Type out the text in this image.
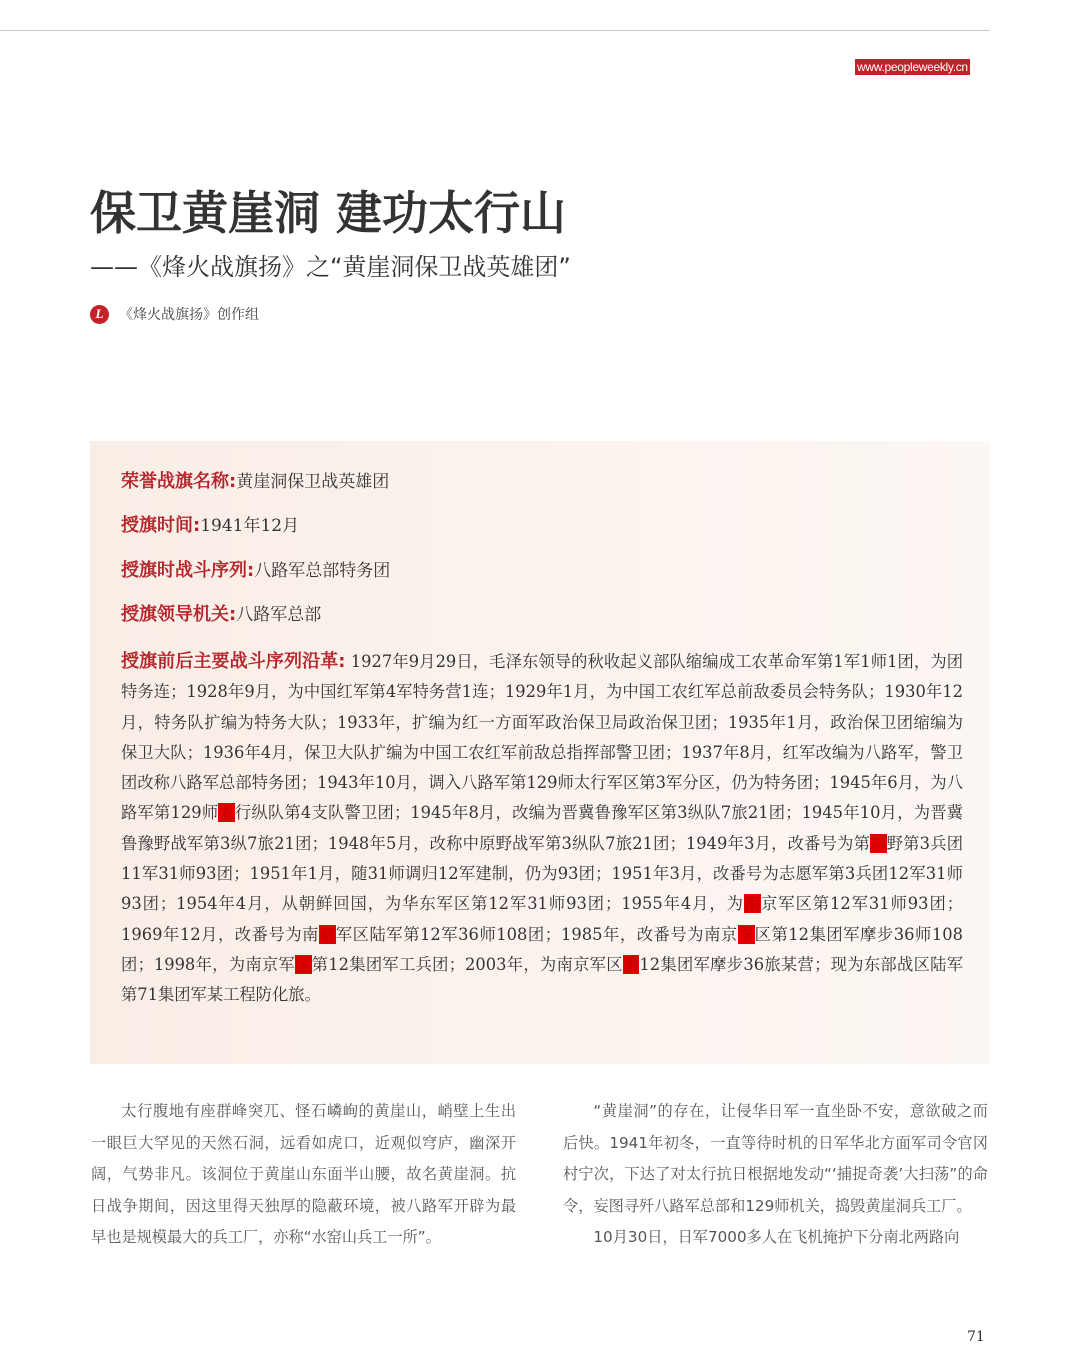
www.peopleweekly.cn
保卫黄崖洞 建功太行山
——《烽火战旗扬》之“黄崖洞保卫战英雄团”
L	《烽火战旗扬》创作组
荣誉战旗名称:黄崖洞保卫战英雄团
授旗时间:1941年12月
授旗时战斗序列:八路军总部特务团
授旗领导机关:八路军总部
授旗前后主要战斗序列沿革: 1927年9月29日，毛泽东领导的秋收起义部队缩编成工农革命军第1军1师1团，为团特务连；1928年9月，为中国红军第4军特务营1连；1929年1月，为中国工农红军总前敌委员会特务队；1930年12月，特务队扩编为特务大队；1933年，扩编为红一方面军政治保卫局政治保卫团；1935年1月，政治保卫团缩编为保卫大队；1936年4月，保卫大队扩编为中国工农红军前敌总指挥部警卫团；1937年8月，红军改编为八路军，警卫团改称八路军总部特务团；1943年10月，调入八路军第129师太行军区第3军分区，仍为特务团；1945年6月，为八路军第129师太行纵队第4支队警卫团；1945年8月，改编为晋冀鲁豫军区第3纵队7旅21团；1945年10月，为晋冀鲁豫野战军第3纵7旅21团；1948年5月，改称中原野战军第3纵队7旅21团；1949年3月，改番号为第二野第3兵团11军31师93团；1951年1月，随31师调归12军建制，仍为93团；1951年3月，改番号为志愿军第3兵团12军31师93团；1954年4月，从朝鲜回国，为华东军区第12军31师93团；1955年4月，为南京军区第12军31师93团；1969年12月，改番号为南京军区陆军第12军36师108团；1985年，改番号为南京军区第12集团军摩步36师108团；1998年，为南京军区第12集团军工兵团；2003年，为南京军区第12集团军摩步36旅某营；现为东部战区陆军第71集团军某工程防化旅。

太行腹地有座群峰突兀、怪石嶙峋的黄崖山，峭壁上生出一眼巨大罕见的天然石洞，远看如虎口，近观似穹庐，幽深开阔，气势非凡。该洞位于黄崖山东面半山腰，故名黄崖洞。抗日战争期间，因这里得天独厚的隐蔽环境，被八路军开辟为最早也是规模最大的兵工厂，亦称“水窑山兵工一所”。

“黄崖洞”的存在，让侵华日军一直坐卧不安，意欲破之而后快。1941年初冬，一直等待时机的日军华北方面军司令官冈村宁次，下达了对太行抗日根据地发动“‘捕捉奇袭’大扫荡”的命令，妄图寻歼八路军总部和129师机关，捣毁黄崖洞兵工厂。

10月30日，日军7000多人在飞机掩护下分南北两路向

71
